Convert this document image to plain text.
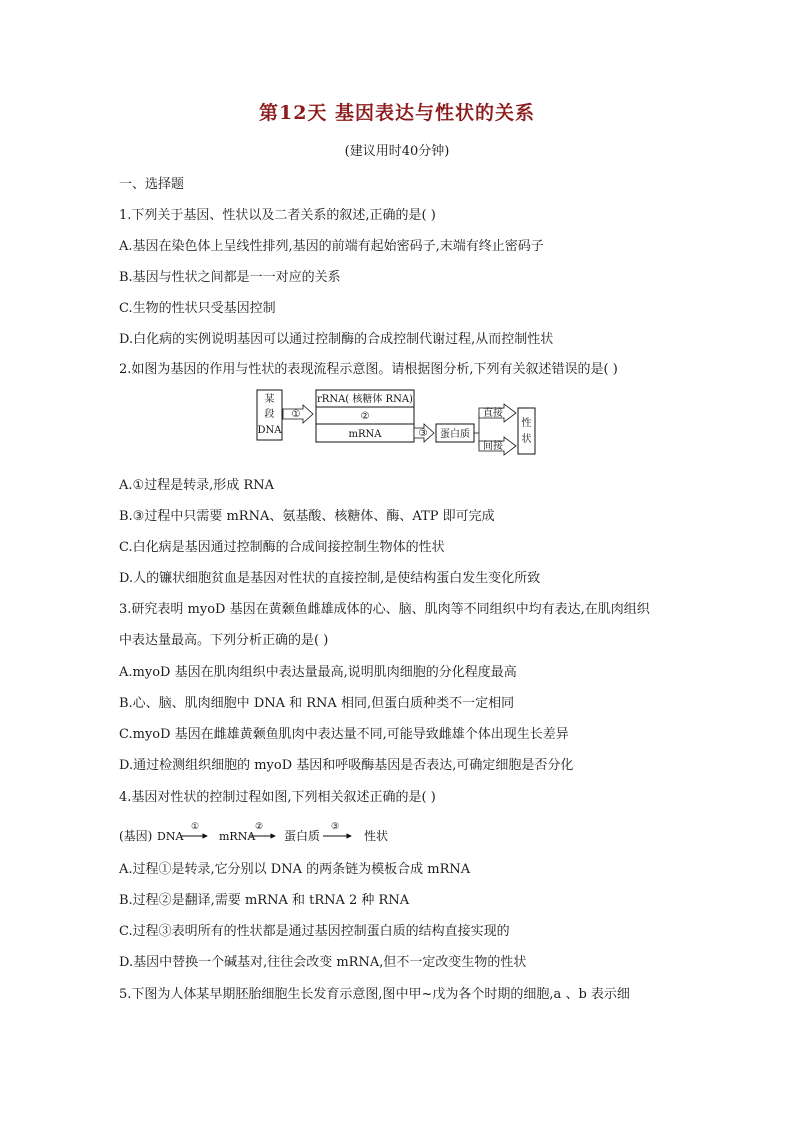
第12天 基因表达与性状的关系
(建议用时40分钟)
一、选择题
1.下列关于基因、性状以及二者关系的叙述,正确的是( )
A.基因在染色体上呈线性排列,基因的前端有起始密码子,末端有终止密码子
B.基因与性状之间都是一一对应的关系
C.生物的性状只受基因控制
D.白化病的实例说明基因可以通过控制酶的合成控制代谢过程,从而控制性状
2.如图为基因的作用与性状的表现流程示意图。请根据图分析,下列有关叙述错误的是( )
某
段
DNA
①
rRNA( 核糖体 RNA)
②
mRNA	③ 蛋白质
直接
间接
性
状
A.①过程是转录,形成 RNA
B.③过程中只需要 mRNA、氨基酸、核糖体、酶、ATP 即可完成
C.白化病是基因通过控制酶的合成间接控制生物体的性状
D.人的镰状细胞贫血是基因对性状的直接控制,是使结构蛋白发生变化所致
3.研究表明 myoD 基因在黄颡鱼雌雄成体的心、脑、肌肉等不同组织中均有表达,在肌肉组织
中表达量最高。下列分析正确的是( )
A.myoD 基因在肌肉组织中表达量最高,说明肌肉细胞的分化程度最高
B.心、脑、肌肉细胞中 DNA 和 RNA 相同,但蛋白质种类不一定相同
C.myoD 基因在雌雄黄颡鱼肌肉中表达量不同,可能导致雌雄个体出现生长差异
D.通过检测组织细胞的 myoD 基因和呼吸酶基因是否表达,可确定细胞是否分化
4.基因对性状的控制过程如图,下列相关叙述正确的是( )
(基因) DNA
①
mRNA
②
蛋白质
③
性状
A.过程①是转录,它分别以 DNA 的两条链为模板合成 mRNA
B.过程②是翻译,需要 mRNA 和 tRNA 2 种 RNA
C.过程③表明所有的性状都是通过基因控制蛋白质的结构直接实现的
D.基因中替换一个碱基对,往往会改变 mRNA,但不一定改变生物的性状
5.下图为人体某早期胚胎细胞生长发育示意图,图中甲~戊为各个时期的细胞,a 、b 表示细
